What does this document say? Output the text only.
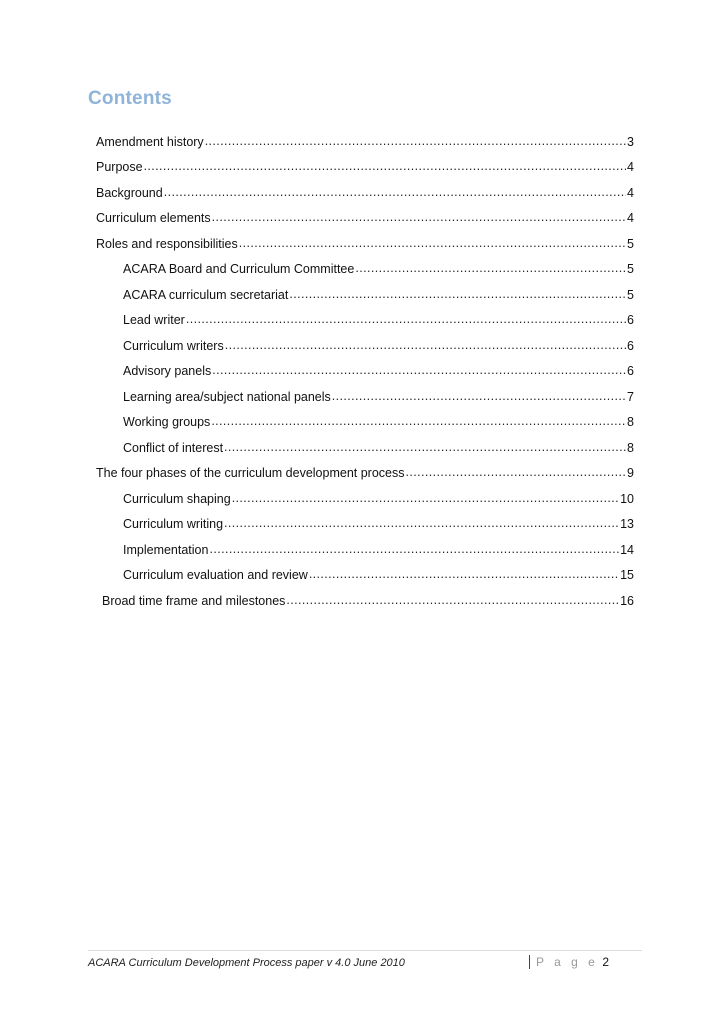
Contents
Amendment history .....	3
Purpose .....	4
Background .....	4
Curriculum elements .....	4
Roles and responsibilities .....	5
ACARA Board and Curriculum Committee .....	5
ACARA curriculum secretariat .....	5
Lead writer .....	6
Curriculum writers .....	6
Advisory panels .....	6
Learning area/subject national panels .....	7
Working groups .....	8
Conflict of interest .....	8
The four phases of the curriculum development process .....	9
Curriculum shaping .....	10
Curriculum writing .....	13
Implementation .....	14
Curriculum evaluation and review .....	15
Broad time frame and milestones .....	16
ACARA Curriculum Development Process paper v 4.0 June 2010	P a g e 2
